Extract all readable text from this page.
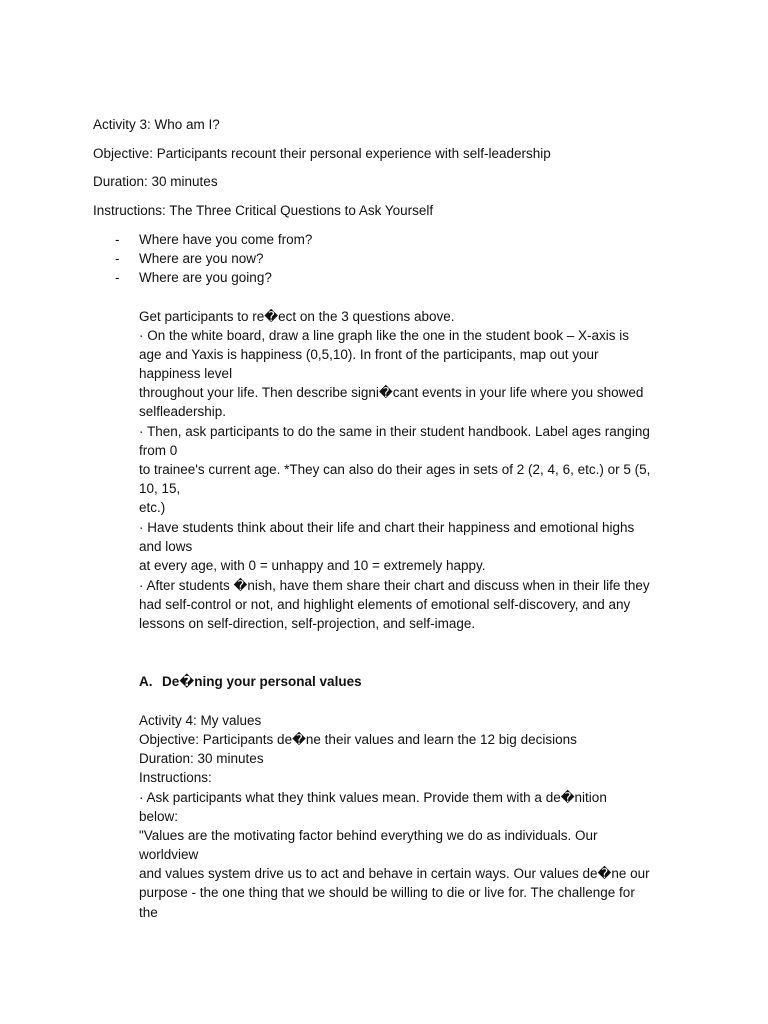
Activity 3: Who am I?
Objective: Participants recount their personal experience with self-leadership
Duration: 30 minutes
Instructions: The Three Critical Questions to Ask Yourself
- Where have you come from?
- Where are you now?
- Where are you going?
Get participants to re�ect on the 3 questions above.
· On the white board, draw a line graph like the one in the student book – X-axis is
age and Yaxis is happiness (0,5,10). In front of the participants, map out your
happiness level
throughout your life. Then describe signi�cant events in your life where you showed
selfleadership.
· Then, ask participants to do the same in their student handbook. Label ages ranging
from 0
to trainee's current age. *They can also do their ages in sets of 2 (2, 4, 6, etc.) or 5 (5,
10, 15,
etc.)
· Have students think about their life and chart their happiness and emotional highs
and lows
at every age, with 0 = unhappy and 10 = extremely happy.
· After students �nish, have them share their chart and discuss when in their life they
had self-control or not, and highlight elements of emotional self-discovery, and any
lessons on self-direction, self-projection, and self-image.
A. De�ning your personal values
Activity 4: My values
Objective: Participants de�ne their values and learn the 12 big decisions
Duration: 30 minutes
Instructions:
· Ask participants what they think values mean. Provide them with a de�nition
below:
"Values are the motivating factor behind everything we do as individuals. Our
worldview
and values system drive us to act and behave in certain ways. Our values de�ne our
purpose - the one thing that we should be willing to die or live for. The challenge for
the
